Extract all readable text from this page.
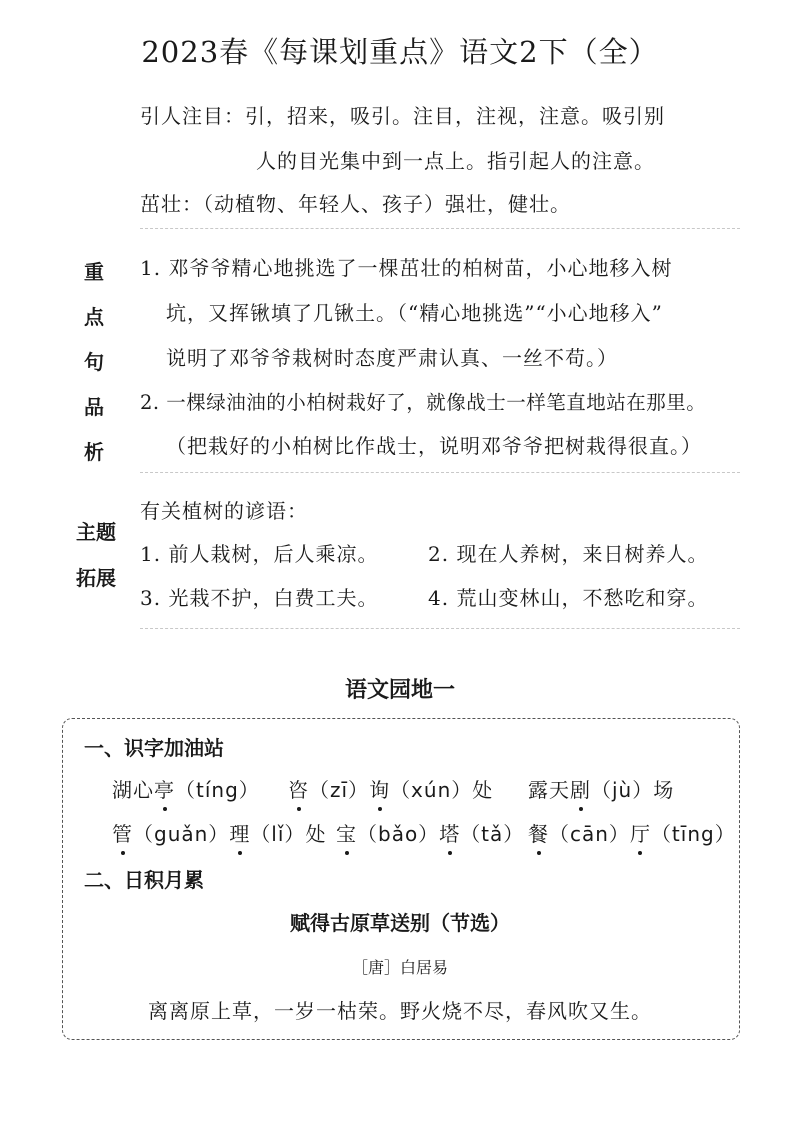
2023春《每课划重点》语文2下（全）
引人注目：引，招来，吸引。注目，注视，注意。吸引别
人的目光集中到一点上。指引起人的注意。
茁壮：（动植物、年轻人、孩子）强壮，健壮。
重
点
句
品
析
1. 邓爷爷精心地挑选了一棵茁壮的柏树苗，小心地移入树
坑，又挥锹填了几锹土。（“精心地挑选”“小心地移入”
说明了邓爷爷栽树时态度严肃认真、一丝不苟。）
2. 一棵绿油油的小柏树栽好了，就像战士一样笔直地站在那里。
（把栽好的小柏树比作战士，说明邓爷爷把树栽得很直。）
主题
拓展
有关植树的谚语：
1. 前人栽树，后人乘凉。 2. 现在人养树，来日树养人。
3. 光栽不护，白费工夫。 4. 荒山变林山，不愁吃和穿。
语文园地一
一、识字加油站
湖心亭（tíng） 咨（zī）询（xún）处 露天剧（jù）场
管（guǎn）理（lǐ）处 宝（bǎo）塔（tǎ） 餐（cān）厅（tīng）
二、日积月累
赋得古原草送别（节选）
［唐］白居易
离离原上草，一岁一枯荣。野火烧不尽，春风吹又生。
